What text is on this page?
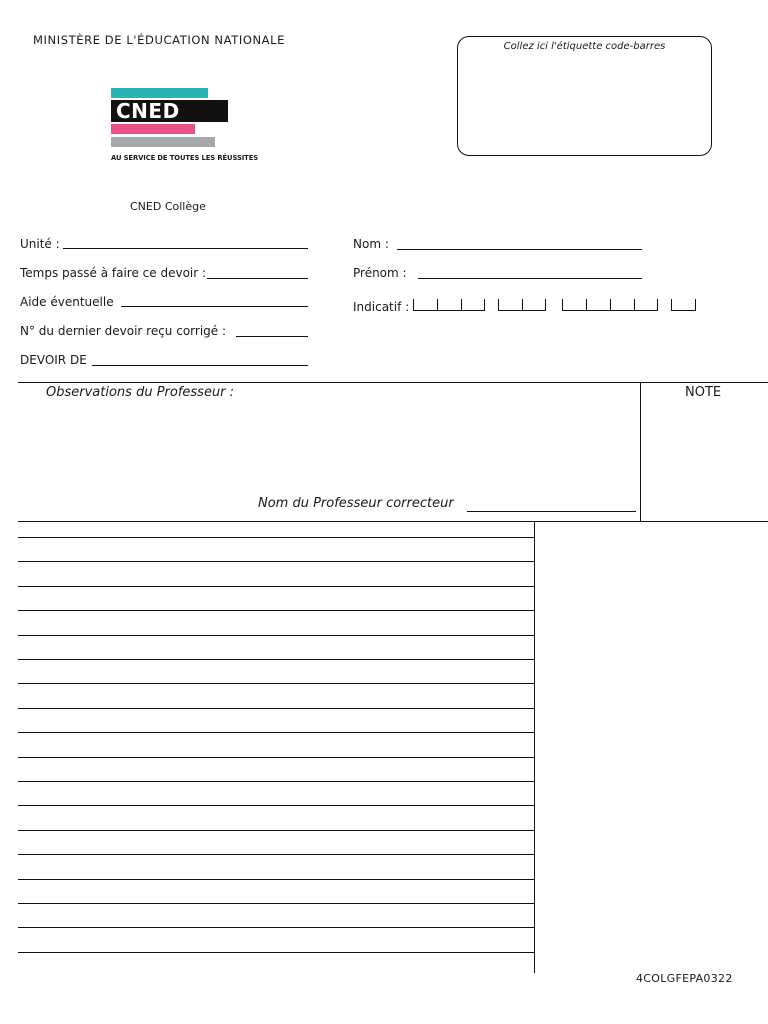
MINISTÈRE DE L'ÉDUCATION NATIONALE	Collez ici l'étiquette code-barres
CNED
AU SERVICE DE TOUTES LES RÉUSSITES
CNED Collège
Unité :
Temps passé à faire ce devoir :
Aide éventuelle
N° du dernier devoir reçu corrigé :
DEVOIR DE
Nom :
Prénom :
Indicatif :
Observations du Professeur :	NOTE
Nom du Professeur correcteur
4COLGFEPA0322
